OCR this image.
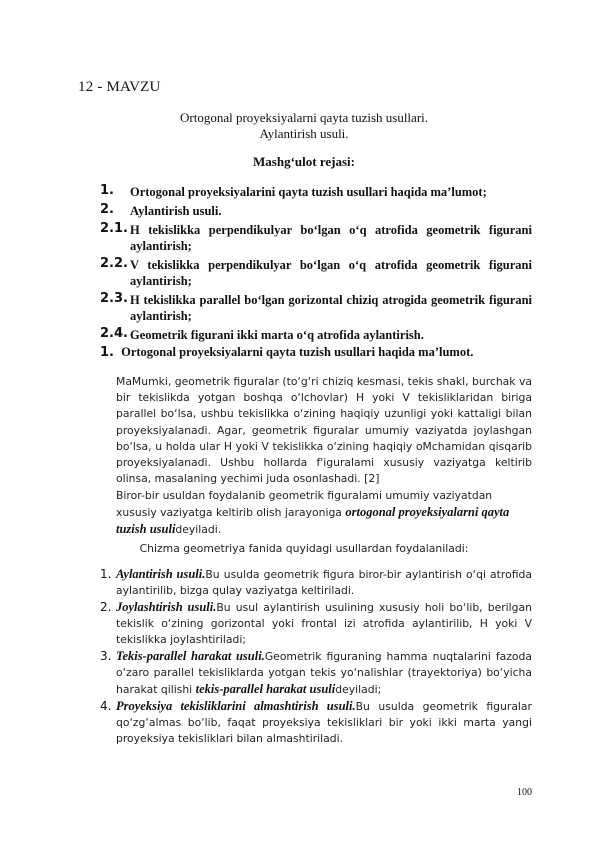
12 - MAVZU
Ortogonal proyeksiyalarni qayta tuzish usullari.
Aylantirish usuli.
Mashg‘ulot rejasi:
1. Ortogonal proyeksiyalarini qayta tuzish usullari haqida ma’lumot;
2. Aylantirish usuli.
2.1. H tekislikka perpendikulyar bo‘lgan o‘q atrofida geometrik figurani aylantirish;
2.2. V tekislikka perpendikulyar bo‘lgan o‘q atrofida geometrik figurani aylantirish;
2.3. H tekislikka parallel bo‘lgan gorizontal chiziq atrogida geometrik figurani aylantirish;
2.4. Geometrik figurani ikki marta o‘q atrofida aylantirish.
1. Ortogonal proyeksiyalarni qayta tuzish usullari haqida ma’lumot.
MaMumki, geometrik figuralar (to‘g‘ri chiziq kesmasi, tekis shakl, burchak va bir tekislikda yotgan boshqa o‘lchovlar) H yoki V tekisliklaridan biriga parallel bo‘lsa, ushbu tekislikka o‘zining haqiqiy uzunligi yoki kattaligi bilan proyeksiyalanadi. Agar, geometrik figuralar umumiy vaziyatda joylashgan bo‘lsa, u holda ular H yoki V tekislikka o‘zining haqiqiy oMchamidan qisqarib proyeksiyalanadi. Ushbu hollarda f'iguralami xususiy vaziyatga keltirib olinsa, masalaning yechimi juda osonlashadi. [2]
Biror-bir usuldan foydalanib geometrik figuralami umumiy vaziyatdan xususiy vaziyatga keltirib olish jarayoniga ortogonal proyeksiyalarni qayta tuzish usulideyiladi.
Chizma geometriya fanida quyidagi usullardan foydalaniladi:
1. Aylantirish usuli.Bu usulda geometrik figura biror-bir aylantirish o‘qi atrofida aylantirilib, bizga qulay vaziyatga keltiriladi.
2. Joylashtirish usuli.Bu usul aylantirish usulining xususiy holi bo‘lib, berilgan tekislik o‘zining gorizontal yoki frontal izi atrofida aylantirilib, H yoki V tekislikka joylashtiriladi;
3. Tekis-parallel harakat usuli.Geometrik figuraning hamma nuqtalarini fazoda o‘zaro parallel tekisliklarda yotgan tekis yo‘nalishlar (trayektoriya) bo‘yicha harakat qilishi tekis-parallel harakat usulideyiladi;
4. Proyeksiya tekisliklarini almashtirish usuli.Bu usulda geometrik figuralar qo‘zg‘almas bo‘lib, faqat proyeksiya tekisliklari bir yoki ikki marta yangi proyeksiya tekisliklari bilan almashtiriladi.
100
